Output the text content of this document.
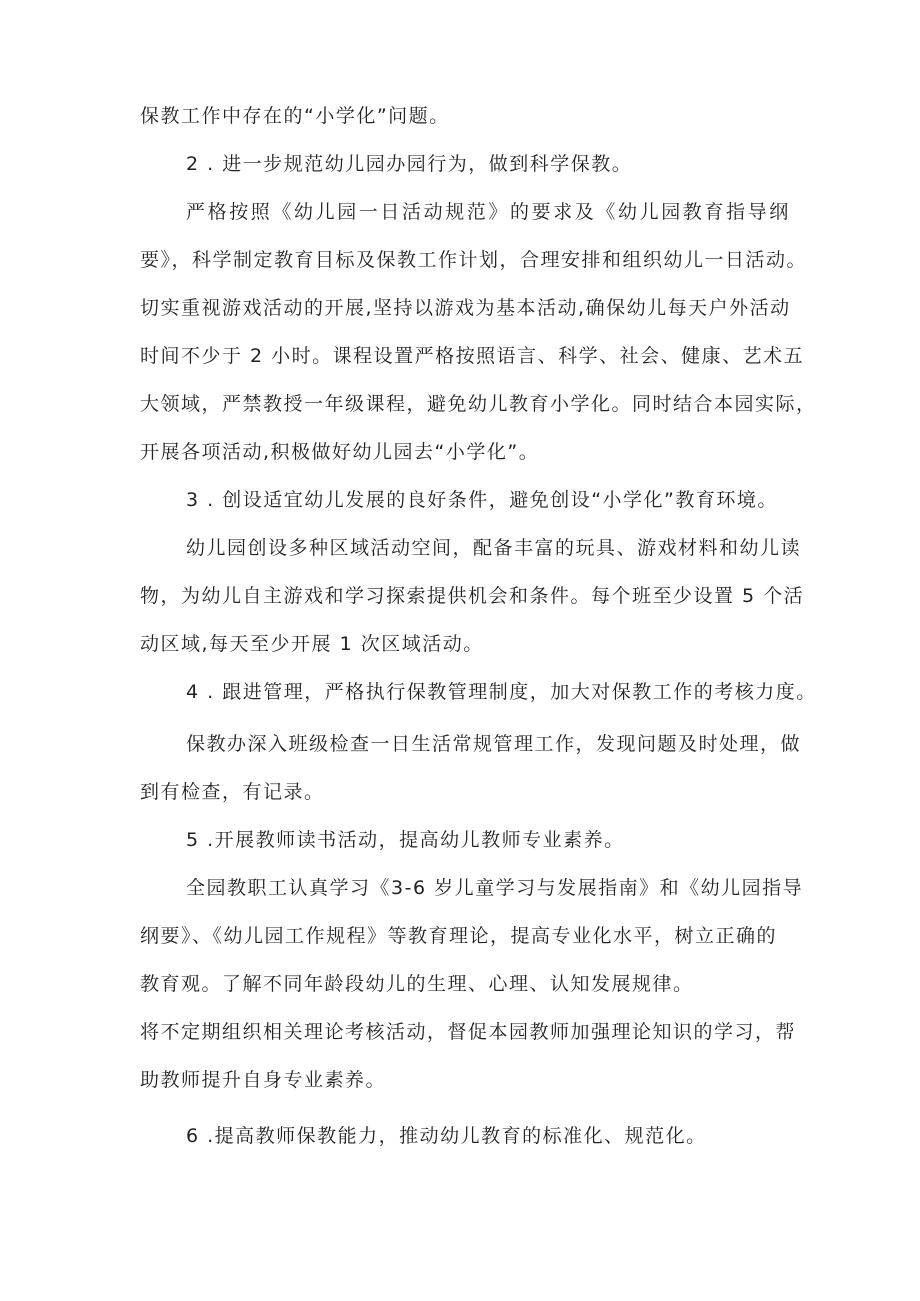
保教工作中存在的“小学化”问题。
2 . 进一步规范幼儿园办园行为，做到科学保教。
严格按照《幼儿园一日活动规范》的要求及《幼儿园教育指导纲
要》，科学制定教育目标及保教工作计划，合理安排和组织幼儿一日活动。
切实重视游戏活动的开展,坚持以游戏为基本活动,确保幼儿每天户外活动
时间不少于 2 小时。课程设置严格按照语言、科学、社会、健康、艺术五
大领域，严禁教授一年级课程，避免幼儿教育小学化。同时结合本园实际，
开展各项活动,积极做好幼儿园去“小学化”。
3 . 创设适宜幼儿发展的良好条件，避免创设“小学化”教育环境。
幼儿园创设多种区域活动空间，配备丰富的玩具、游戏材料和幼儿读
物，为幼儿自主游戏和学习探索提供机会和条件。每个班至少设置 5 个活
动区域,每天至少开展 1 次区域活动。
4 . 跟进管理，严格执行保教管理制度，加大对保教工作的考核力度。
保教办深入班级检查一日生活常规管理工作，发现问题及时处理，做
到有检查，有记录。
5 .开展教师读书活动，提高幼儿教师专业素养。
全园教职工认真学习《3-6 岁儿童学习与发展指南》和《幼儿园指导
纲要》、《幼儿园工作规程》等教育理论，提高专业化水平，树立正确的
教育观。了解不同年龄段幼儿的生理、心理、认知发展规律。
将不定期组织相关理论考核活动，督促本园教师加强理论知识的学习，帮
助教师提升自身专业素养。
6 .提高教师保教能力，推动幼儿教育的标准化、规范化。
